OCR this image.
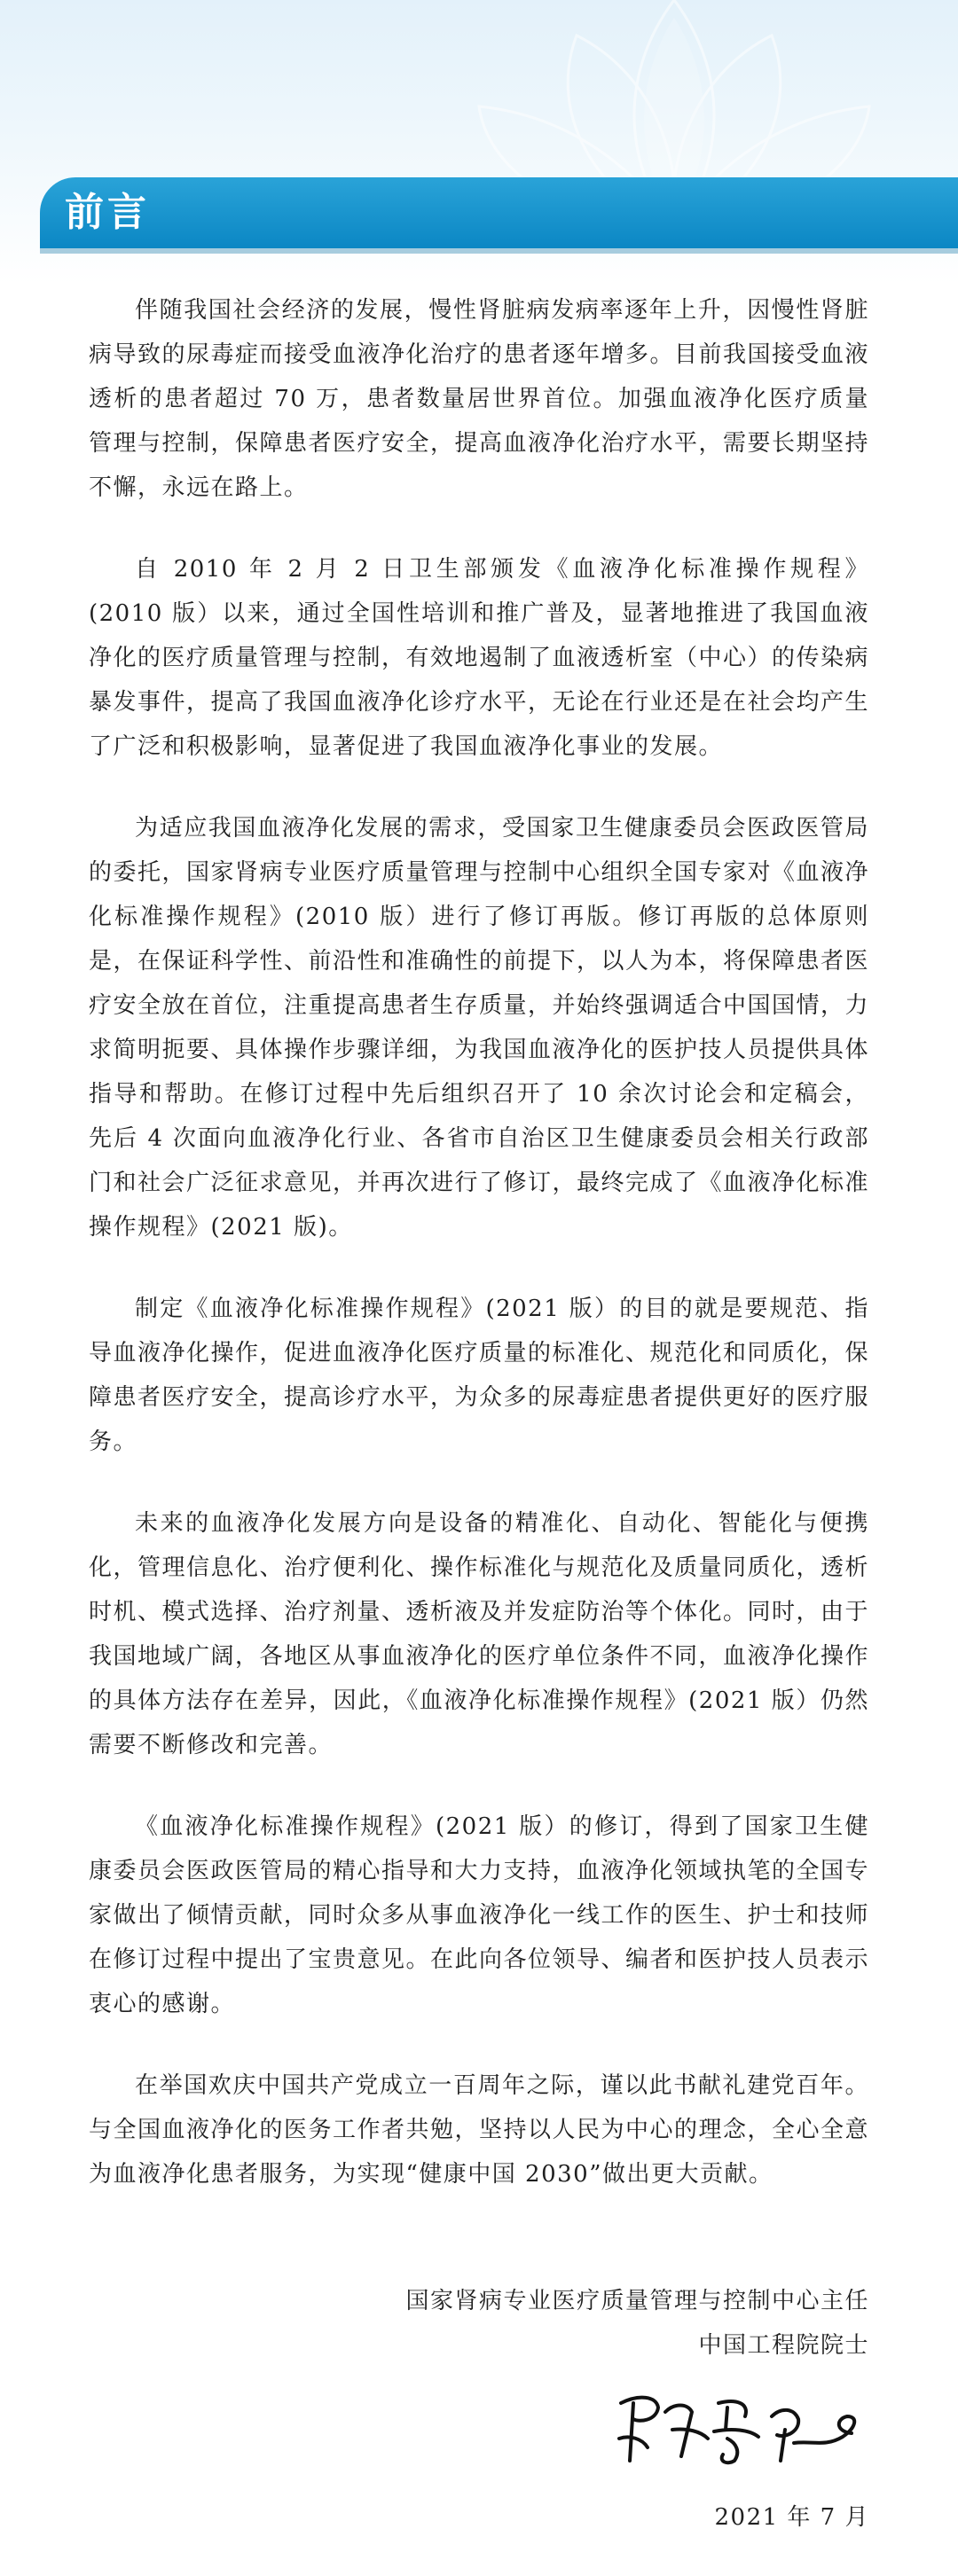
前言

伴随我国社会经济的发展，慢性肾脏病发病率逐年上升，因慢性肾脏病导致的尿毒症而接受血液净化治疗的患者逐年增多。目前我国接受血液透析的患者超过 70 万，患者数量居世界首位。加强血液净化医疗质量管理与控制，保障患者医疗安全，提高血液净化治疗水平，需要长期坚持不懈，永远在路上。

自 2010 年 2 月 2 日卫生部颁发《血液净化标准操作规程》(2010 版）以来，通过全国性培训和推广普及，显著地推进了我国血液净化的医疗质量管理与控制，有效地遏制了血液透析室（中心）的传染病暴发事件，提高了我国血液净化诊疗水平，无论在行业还是在社会均产生了广泛和积极影响，显著促进了我国血液净化事业的发展。

为适应我国血液净化发展的需求，受国家卫生健康委员会医政医管局的委托，国家肾病专业医疗质量管理与控制中心组织全国专家对《血液净化标准操作规程》(2010 版）进行了修订再版。修订再版的总体原则是，在保证科学性、前沿性和准确性的前提下，以人为本，将保障患者医疗安全放在首位，注重提高患者生存质量，并始终强调适合中国国情，力求简明扼要、具体操作步骤详细，为我国血液净化的医护技人员提供具体指导和帮助。在修订过程中先后组织召开了 10 余次讨论会和定稿会，先后 4 次面向血液净化行业、各省市自治区卫生健康委员会相关行政部门和社会广泛征求意见，并再次进行了修订，最终完成了《血液净化标准操作规程》(2021 版)。

制定《血液净化标准操作规程》(2021 版）的目的就是要规范、指导血液净化操作，促进血液净化医疗质量的标准化、规范化和同质化，保障患者医疗安全，提高诊疗水平，为众多的尿毒症患者提供更好的医疗服务。

未来的血液净化发展方向是设备的精准化、自动化、智能化与便携化，管理信息化、治疗便利化、操作标准化与规范化及质量同质化，透析时机、模式选择、治疗剂量、透析液及并发症防治等个体化。同时，由于我国地域广阔，各地区从事血液净化的医疗单位条件不同，血液净化操作的具体方法存在差异，因此，《血液净化标准操作规程》(2021 版）仍然需要不断修改和完善。

《血液净化标准操作规程》(2021 版）的修订，得到了国家卫生健康委员会医政医管局的精心指导和大力支持，血液净化领域执笔的全国专家做出了倾情贡献，同时众多从事血液净化一线工作的医生、护士和技师在修订过程中提出了宝贵意见。在此向各位领导、编者和医护技人员表示衷心的感谢。

在举国欢庆中国共产党成立一百周年之际，谨以此书献礼建党百年。与全国血液净化的医务工作者共勉，坚持以人民为中心的理念，全心全意为血液净化患者服务，为实现“健康中国 2030”做出更大贡献。

国家肾病专业医疗质量管理与控制中心主任
中国工程院院士
2021 年 7 月
